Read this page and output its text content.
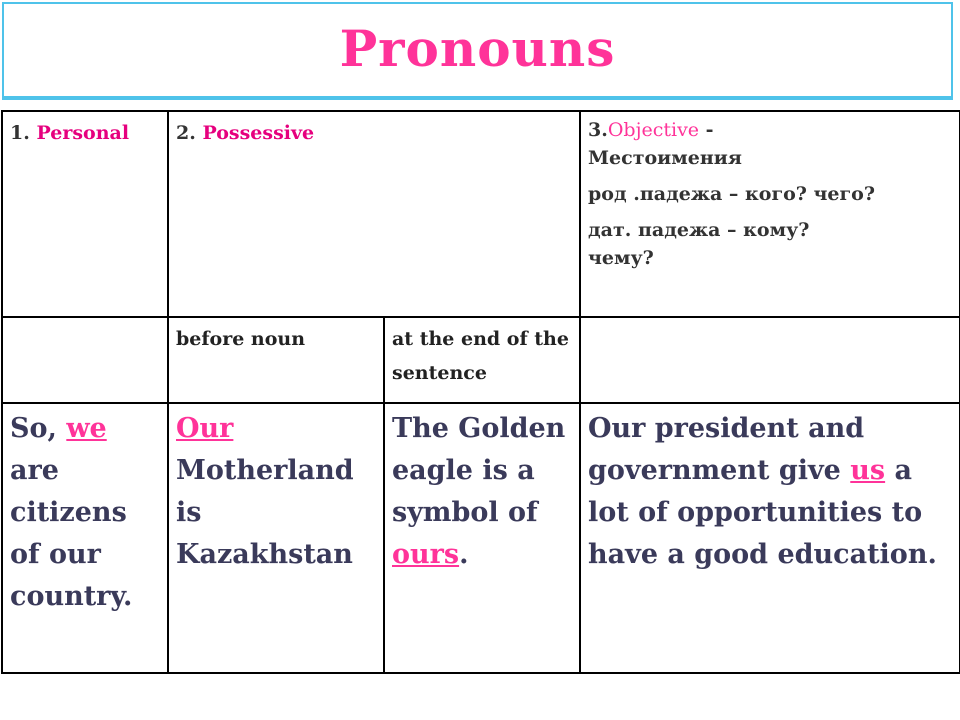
Pronouns
1. Personal	2. Possessive		3.Objective -
Местоимения
род .падежа – кого? чего?
дат. падежа – кому?
чему?

	before noun	at the end of the sentence	
So, we are citizens of our country.	Our Motherland is Kazakhstan	The Golden eagle is a symbol of ours.	Our president and government give us a lot of opportunities to have a good education.
